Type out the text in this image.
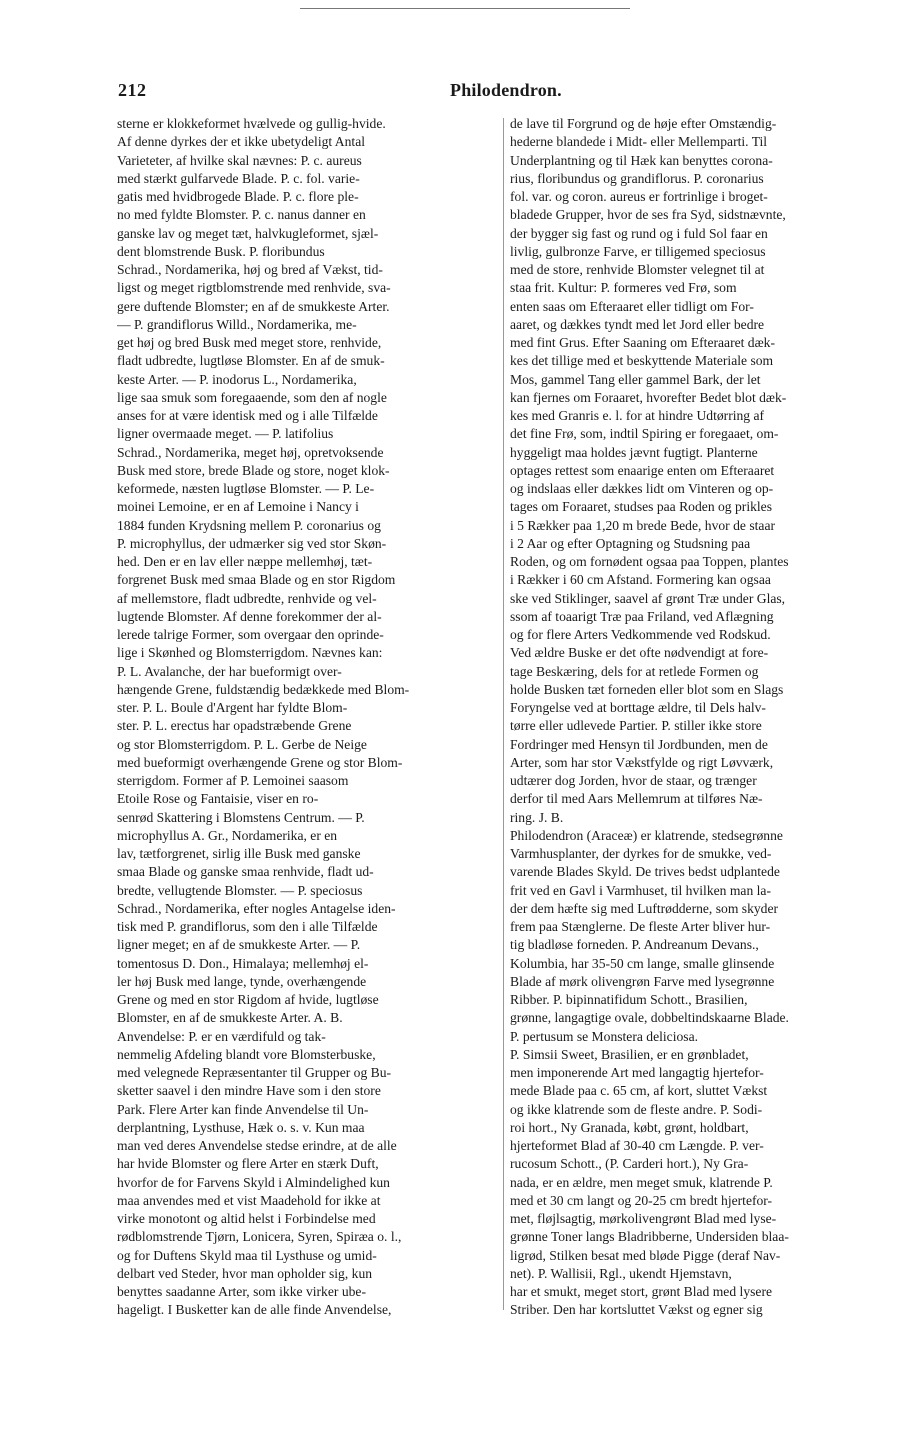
212	Philodendron.
sterne er klokkeformet hvælvede og gullig-hvide.
Af denne dyrkes der et ikke ubetydeligt Antal
Varieteter, af hvilke skal nævnes: P. c. aureus
med stærkt gulfarvede Blade. P. c. fol. varie-
gatis med hvidbrogede Blade. P. c. flore ple-
no med fyldte Blomster. P. c. nanus danner en
ganske lav og meget tæt, halvkugleformet, sjæl-
dent blomstrende Busk. P. floribundus
Schrad., Nordamerika, høj og bred af Vækst, tid-
ligst og meget rigtblomstrende med renhvide, sva-
gere duftende Blomster; en af de smukkeste Arter.
— P. grandiflorus Willd., Nordamerika, me-
get høj og bred Busk med meget store, renhvide,
fladt udbredte, lugtløse Blomster. En af de smuk-
keste Arter. — P. inodorus L., Nordamerika,
lige saa smuk som foregaaende, som den af nogle
anses for at være identisk med og i alle Tilfælde
ligner overmaade meget. — P. latifolius
Schrad., Nordamerika, meget høj, opretvoksende
Busk med store, brede Blade og store, noget klok-
keformede, næsten lugtløse Blomster. — P. Le-
moinei Lemoine, er en af Lemoine i Nancy i
1884 funden Krydsning mellem P. coronarius og
P. microphyllus, der udmærker sig ved stor Skøn-
hed. Den er en lav eller næppe mellemhøj, tæt-
forgrenet Busk med smaa Blade og en stor Rigdom
af mellemstore, fladt udbredte, renhvide og vel-
lugtende Blomster. Af denne forekommer der al-
lerede talrige Former, som overgaar den oprinde-
lige i Skønhed og Blomsterrigdom. Nævnes kan:
P. L. Avalanche, der har bueformigt over-
hængende Grene, fuldstændig bedækkede med Blom-
ster. P. L. Boule d'Argent har fyldte Blom-
ster. P. L. erectus har opadstræbende Grene
og stor Blomsterrigdom. P. L. Gerbe de Neige
med bueformigt overhængende Grene og stor Blom-
sterrigdom. Former af P. Lemoinei saasom
Etoile Rose og Fantaisie, viser en ro-
senrød Skattering i Blomstens Centrum. — P.
microphyllus A. Gr., Nordamerika, er en
lav, tætforgrenet, sirlig ille Busk med ganske
smaa Blade og ganske smaa renhvide, fladt ud-
bredte, vellugtende Blomster. — P. speciosus
Schrad., Nordamerika, efter nogles Antagelse iden-
tisk med P. grandiflorus, som den i alle Tilfælde
ligner meget; en af de smukkeste Arter. — P.
tomentosus D. Don., Himalaya; mellemhøj el-
ler høj Busk med lange, tynde, overhængende
Grene og med en stor Rigdom af hvide, lugtløse
Blomster, en af de smukkeste Arter. A. B.
Anvendelse: P. er en værdifuld og tak-
nemmelig Afdeling blandt vore Blomsterbuske,
med velegnede Repræsentanter til Grupper og Bu-
sketter saavel i den mindre Have som i den store
Park. Flere Arter kan finde Anvendelse til Un-
derplantning, Lysthuse, Hæk o. s. v. Kun maa
man ved deres Anvendelse stedse erindre, at de alle
har hvide Blomster og flere Arter en stærk Duft,
hvorfor de for Farvens Skyld i Almindelighed kun
maa anvendes med et vist Maadehold for ikke at
virke monotont og altid helst i Forbindelse med
rødblomstrende Tjørn, Lonicera, Syren, Spiræa o. l.,
og for Duftens Skyld maa til Lysthuse og umid-
delbart ved Steder, hvor man opholder sig, kun
benyttes saadanne Arter, som ikke virker ube-
hageligt. I Busketter kan de alle finde Anvendelse,
de lave til Forgrund og de høje efter Omstændig-
hederne blandede i Midt- eller Mellemparti. Til
Underplantning og til Hæk kan benyttes corona-
rius, floribundus og grandiflorus. P. coronarius
fol. var. og coron. aureus er fortrinlige i broget-
bladede Grupper, hvor de ses fra Syd, sidstnævnte,
der bygger sig fast og rund og i fuld Sol faar en
livlig, gulbronze Farve, er tilligemed speciosus
med de store, renhvide Blomster velegnet til at
staa frit. Kultur: P. formeres ved Frø, som
enten saas om Efteraaret eller tidligt om For-
aaret, og dækkes tyndt med let Jord eller bedre
med fint Grus. Efter Saaning om Efteraaret dæk-
kes det tillige med et beskyttende Materiale som
Mos, gammel Tang eller gammel Bark, der let
kan fjernes om Foraaret, hvorefter Bedet blot dæk-
kes med Granris e. l. for at hindre Udtørring af
det fine Frø, som, indtil Spiring er foregaaet, om-
hyggeligt maa holdes jævnt fugtigt. Planterne
optages rettest som enaarige enten om Efteraaret
og indslaas eller dækkes lidt om Vinteren og op-
tages om Foraaret, studses paa Roden og prikles
i 5 Rækker paa 1,20 m brede Bede, hvor de staar
i 2 Aar og efter Optagning og Studsning paa
Roden, og om fornødent ogsaa paa Toppen, plantes
i Rækker i 60 cm Afstand. Formering kan ogsaa
ske ved Stiklinger, saavel af grønt Træ under Glas,
ssom af toaarigt Træ paa Friland, ved Aflægning
og for flere Arters Vedkommende ved Rodskud.
Ved ældre Buske er det ofte nødvendigt at fore-
tage Beskæring, dels for at retlede Formen og
holde Busken tæt forneden eller blot som en Slags
Foryngelse ved at borttage ældre, til Dels halv-
tørre eller udlevede Partier. P. stiller ikke store
Fordringer med Hensyn til Jordbunden, men de
Arter, som har stor Vækstfylde og rigt Løvværk,
udtærer dog Jorden, hvor de staar, og trænger
derfor til med Aars Mellemrum at tilføres Næ-
ring. J. B.
Philodendron (Araceæ) er klatrende, stedsegrønne
Varmhusplanter, der dyrkes for de smukke, ved-
varende Blades Skyld. De trives bedst udplantede
frit ved en Gavl i Varmhuset, til hvilken man la-
der dem hæfte sig med Luftrødderne, som skyder
frem paa Stænglerne. De fleste Arter bliver hur-
tig bladløse forneden. P. Andreanum Devans.,
Kolumbia, har 35-50 cm lange, smalle glinsende
Blade af mørk olivengrøn Farve med lysegrønne
Ribber. P. bipinnatifidum Schott., Brasilien,
grønne, langagtige ovale, dobbeltindskaarne Blade.
P. pertusum se Monstera deliciosa.
P. Simsii Sweet, Brasilien, er en grønbladet,
men imponerende Art med langagtig hjertefor-
mede Blade paa c. 65 cm, af kort, sluttet Vækst
og ikke klatrende som de fleste andre. P. Sodi-
roi hort., Ny Granada, købt, grønt, holdbart,
hjerteformet Blad af 30-40 cm Længde. P. ver-
rucosum Schott., (P. Carderi hort.), Ny Gra-
nada, er en ældre, men meget smuk, klatrende P.
med et 30 cm langt og 20-25 cm bredt hjertefor-
met, fløjlsagtig, mørkolivengrønt Blad med lyse-
grønne Toner langs Bladribberne, Undersiden blaa-
ligrød, Stilken besat med bløde Pigge (deraf Nav-
net). P. Wallisii, Rgl., ukendt Hjemstavn,
har et smukt, meget stort, grønt Blad med lysere
Striber. Den har kortsluttet Vækst og egner sig
